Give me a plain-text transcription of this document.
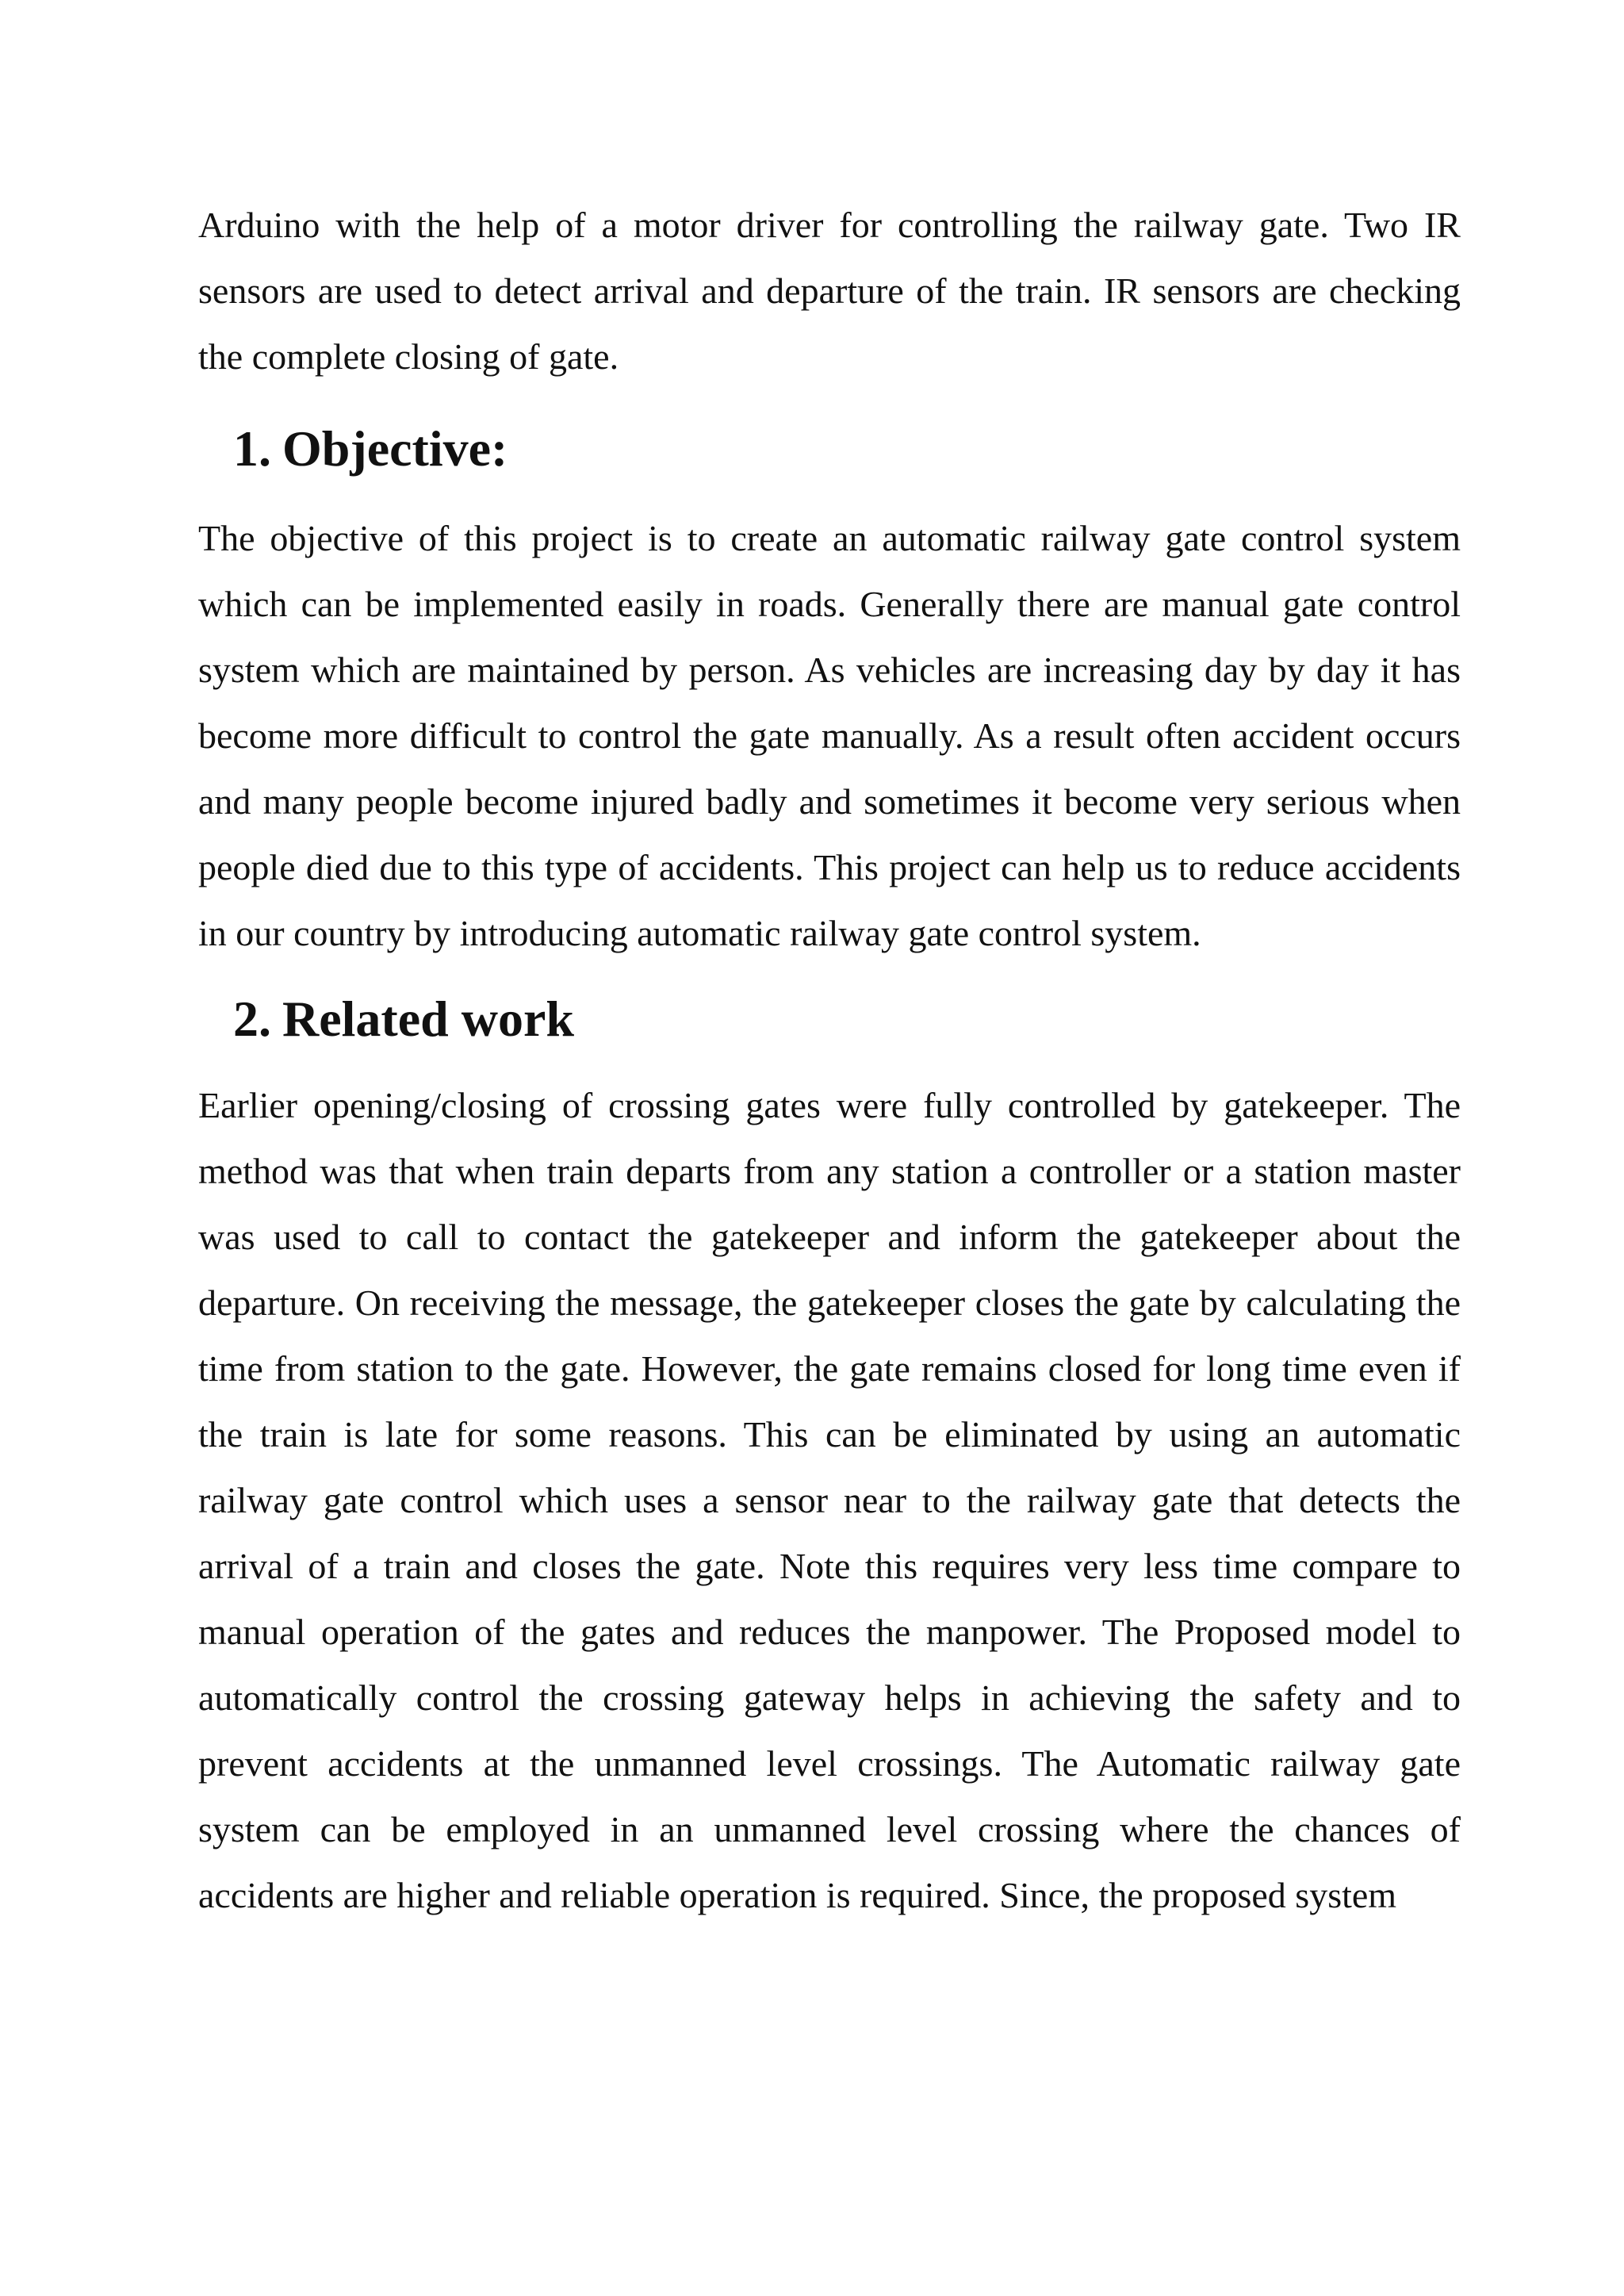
Arduino with the help of a motor driver for controlling the railway gate. Two IR sensors are used to detect arrival and departure of the train. IR sensors are checking the complete closing of gate.

1. Objective:

The objective of this project is to create an automatic railway gate control system which can be implemented easily in roads. Generally there are manual gate control system which are maintained by person. As vehicles are increasing day by day it has become more difficult to control the gate manually. As a result often accident occurs and many people become injured badly and sometimes it become very serious when people died due to this type of accidents. This project can help us to reduce accidents in our country by introducing automatic railway gate control system.

2. Related work

Earlier opening/closing of crossing gates were fully controlled by gatekeeper. The method was that when train departs from any station a controller or a station master was used to call to contact the gatekeeper and inform the gatekeeper about the departure. On receiving the message, the gatekeeper closes the gate by calculating the time from station to the gate. However, the gate remains closed for long time even if the train is late for some reasons. This can be eliminated by using an automatic railway gate control which uses a sensor near to the railway gate that detects the arrival of a train and closes the gate. Note this requires very less time compare to manual operation of the gates and reduces the manpower. The Proposed model to automatically control the crossing gateway helps in achieving the safety and to prevent accidents at the unmanned level crossings. The Automatic railway gate system can be employed in an unmanned level crossing where the chances of accidents are higher and reliable operation is required. Since, the proposed system
